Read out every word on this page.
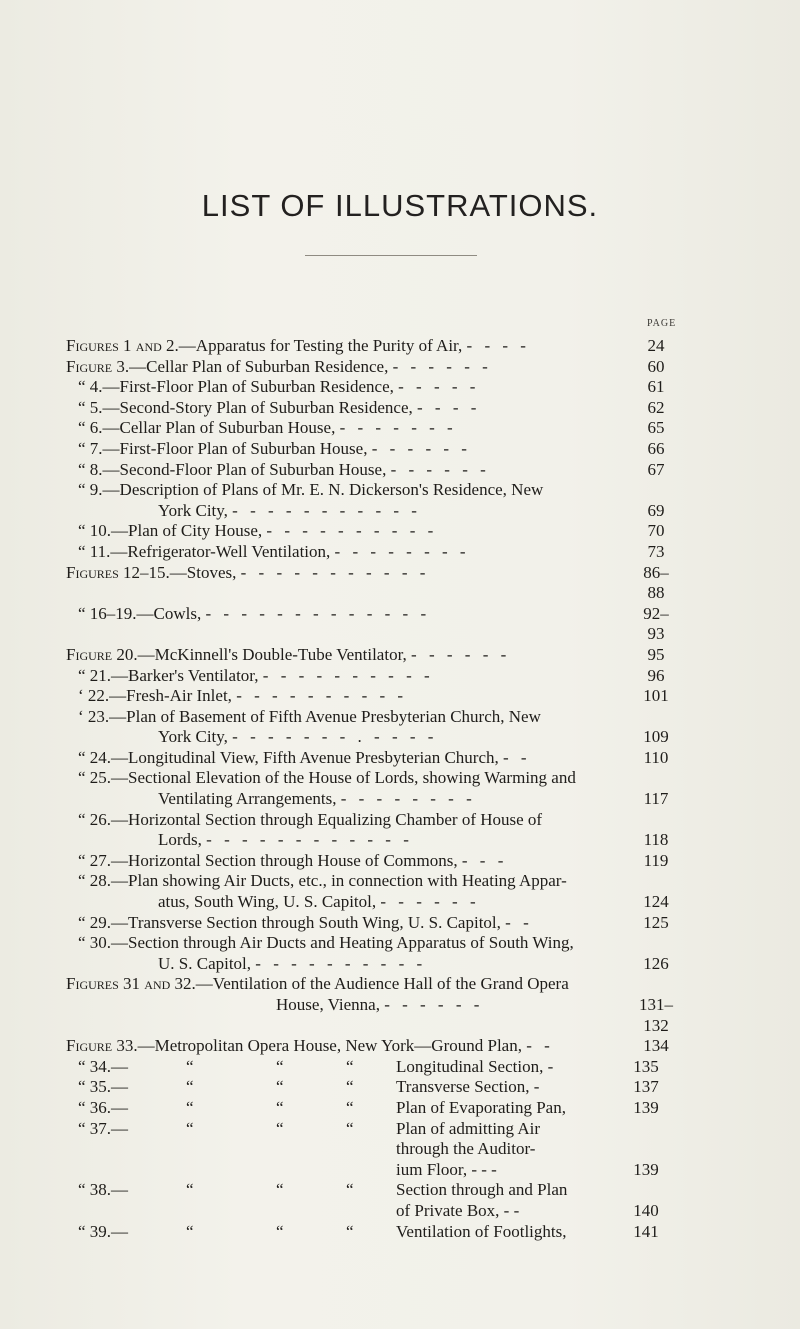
LIST OF ILLUSTRATIONS.
PAGE
Figures 1 and 2.—Apparatus for Testing the Purity of Air, - - - -	24
Figure 3.—Cellar Plan of Suburban Residence, - - - - - -	60
“ 4.—First-Floor Plan of Suburban Residence, - - - - -	61
“ 5.—Second-Story Plan of Suburban Residence, - - - -	62
“ 6.—Cellar Plan of Suburban House, - - - - - - -	65
“ 7.—First-Floor Plan of Suburban House, - - - - - -	66
“ 8.—Second-Floor Plan of Suburban House, - - - - - -	67
“ 9.—Description of Plans of Mr. E. N. Dickerson's Residence, New
York City, - - - - - - - - - - -	69
“ 10.—Plan of City House, - - - - - - - - - -	70
“ 11.—Refrigerator-Well Ventilation, - - - - - - - -	73
Figures 12–15.—Stoves, - - - - - - - - - - -	86–88
“ 16–19.—Cowls, - - - - - - - - - - - - -	92–93
Figure 20.—McKinnell's Double-Tube Ventilator, - - - - - -	95
“ 21.—Barker's Ventilator, - - - - - - - - - -	96
‘ 22.—Fresh-Air Inlet, - - - - - - - - - -	101
‘ 23.—Plan of Basement of Fifth Avenue Presbyterian Church, New
York City, - - - - - - - . - - - -	109
“ 24.—Longitudinal View, Fifth Avenue Presbyterian Church, - -	110
“ 25.—Sectional Elevation of the House of Lords, showing Warming and
Ventilating Arrangements, - - - - - - - -	117
“ 26.—Horizontal Section through Equalizing Chamber of House of
Lords, - - - - - - - - - - - -	118
“ 27.—Horizontal Section through House of Commons, - - -	119
“ 28.—Plan showing Air Ducts, etc., in connection with Heating Appar-
atus, South Wing, U. S. Capitol, - - - - - -	124
“ 29.—Transverse Section through South Wing, U. S. Capitol, - -	125
“ 30.—Section through Air Ducts and Heating Apparatus of South Wing,
U. S. Capitol, - - - - - - - - - -	126
Figures 31 and 32.—Ventilation of the Audience Hall of the Grand Opera
House, Vienna, - - - - - -	131–132
Figure 33.—Metropolitan Opera House, New York—Ground Plan, - -	134
“ 34.—	“	“	“	Longitudinal Section, -	135
“ 35.—	“	“	“	Transverse Section, -	137
“ 36.—	“	“	“	Plan of Evaporating Pan,	139
“ 37.—	“	“	“	Plan of admitting Air
through the Auditor-
ium Floor, - - -	139
“ 38.—	“	“	“	Section through and Plan
of Private Box, - -	140
“ 39.—	“	“	“	Ventilation of Footlights,	141
